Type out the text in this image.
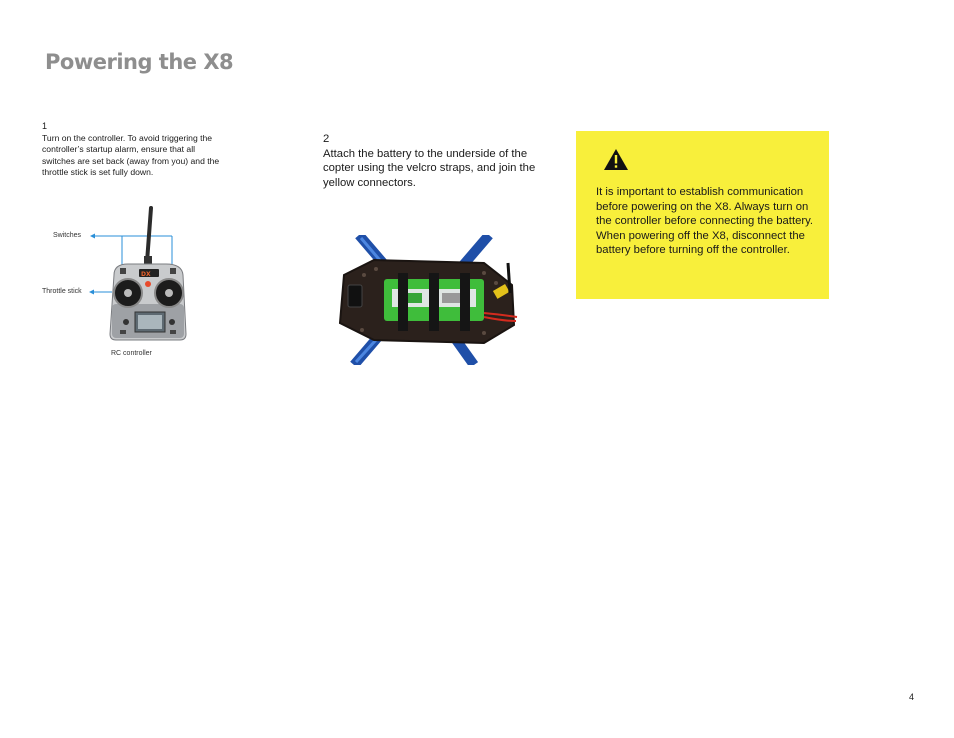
Powering the X8
1
Turn on the controller. To avoid triggering the controller’s startup alarm, ensure that all switches are set back (away from you) and the throttle stick is set fully down.
Switches
Throttle stick
RC controller
DX
2
Attach the battery to the underside of the copter using the velcro straps, and join the yellow connectors.
It is important to establish communication before powering on the X8. Always turn on the controller before connecting the battery. When powering off the X8, disconnect the battery before turning off the controller.
4
